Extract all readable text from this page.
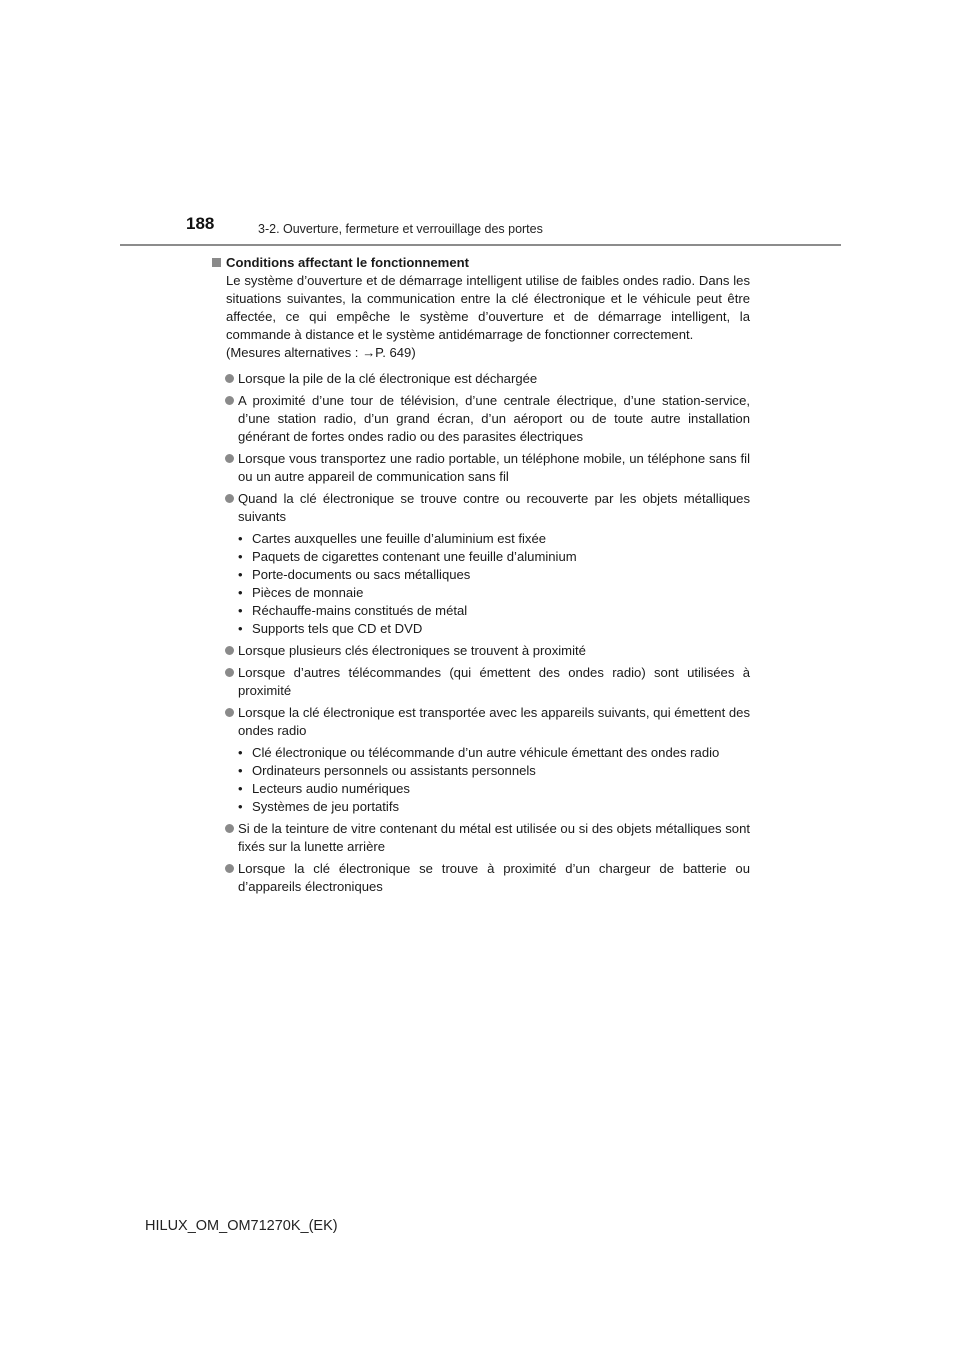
188	3-2. Ouverture, fermeture et verrouillage des portes
Conditions affectant le fonctionnement

Le système d’ouverture et de démarrage intelligent utilise de faibles ondes radio. Dans les situations suivantes, la communication entre la clé électronique et le véhicule peut être affectée, ce qui empêche le système d’ouverture et de démarrage intelligent, la commande à distance et le système antidémarrage de fonctionner correctement.
(Mesures alternatives : →P. 649)

Lorsque la pile de la clé électronique est déchargée
A proximité d’une tour de télévision, d’une centrale électrique, d’une station-service, d’une station radio, d’un grand écran, d’un aéroport ou de toute autre installation générant de fortes ondes radio ou des parasites électriques
Lorsque vous transportez une radio portable, un téléphone mobile, un téléphone sans fil ou un autre appareil de communication sans fil
Quand la clé électronique se trouve contre ou recouverte par les objets métalliques suivants
• Cartes auxquelles une feuille d’aluminium est fixée
• Paquets de cigarettes contenant une feuille d’aluminium
• Porte-documents ou sacs métalliques
• Pièces de monnaie
• Réchauffe-mains constitués de métal
• Supports tels que CD et DVD
Lorsque plusieurs clés électroniques se trouvent à proximité
Lorsque d’autres télécommandes (qui émettent des ondes radio) sont utilisées à proximité
Lorsque la clé électronique est transportée avec les appareils suivants, qui émettent des ondes radio
• Clé électronique ou télécommande d’un autre véhicule émettant des ondes radio
• Ordinateurs personnels ou assistants personnels
• Lecteurs audio numériques
• Systèmes de jeu portatifs
Si de la teinture de vitre contenant du métal est utilisée ou si des objets métalliques sont fixés sur la lunette arrière
Lorsque la clé électronique se trouve à proximité d’un chargeur de batterie ou d’appareils électroniques
HILUX_OM_OM71270K_(EK)
